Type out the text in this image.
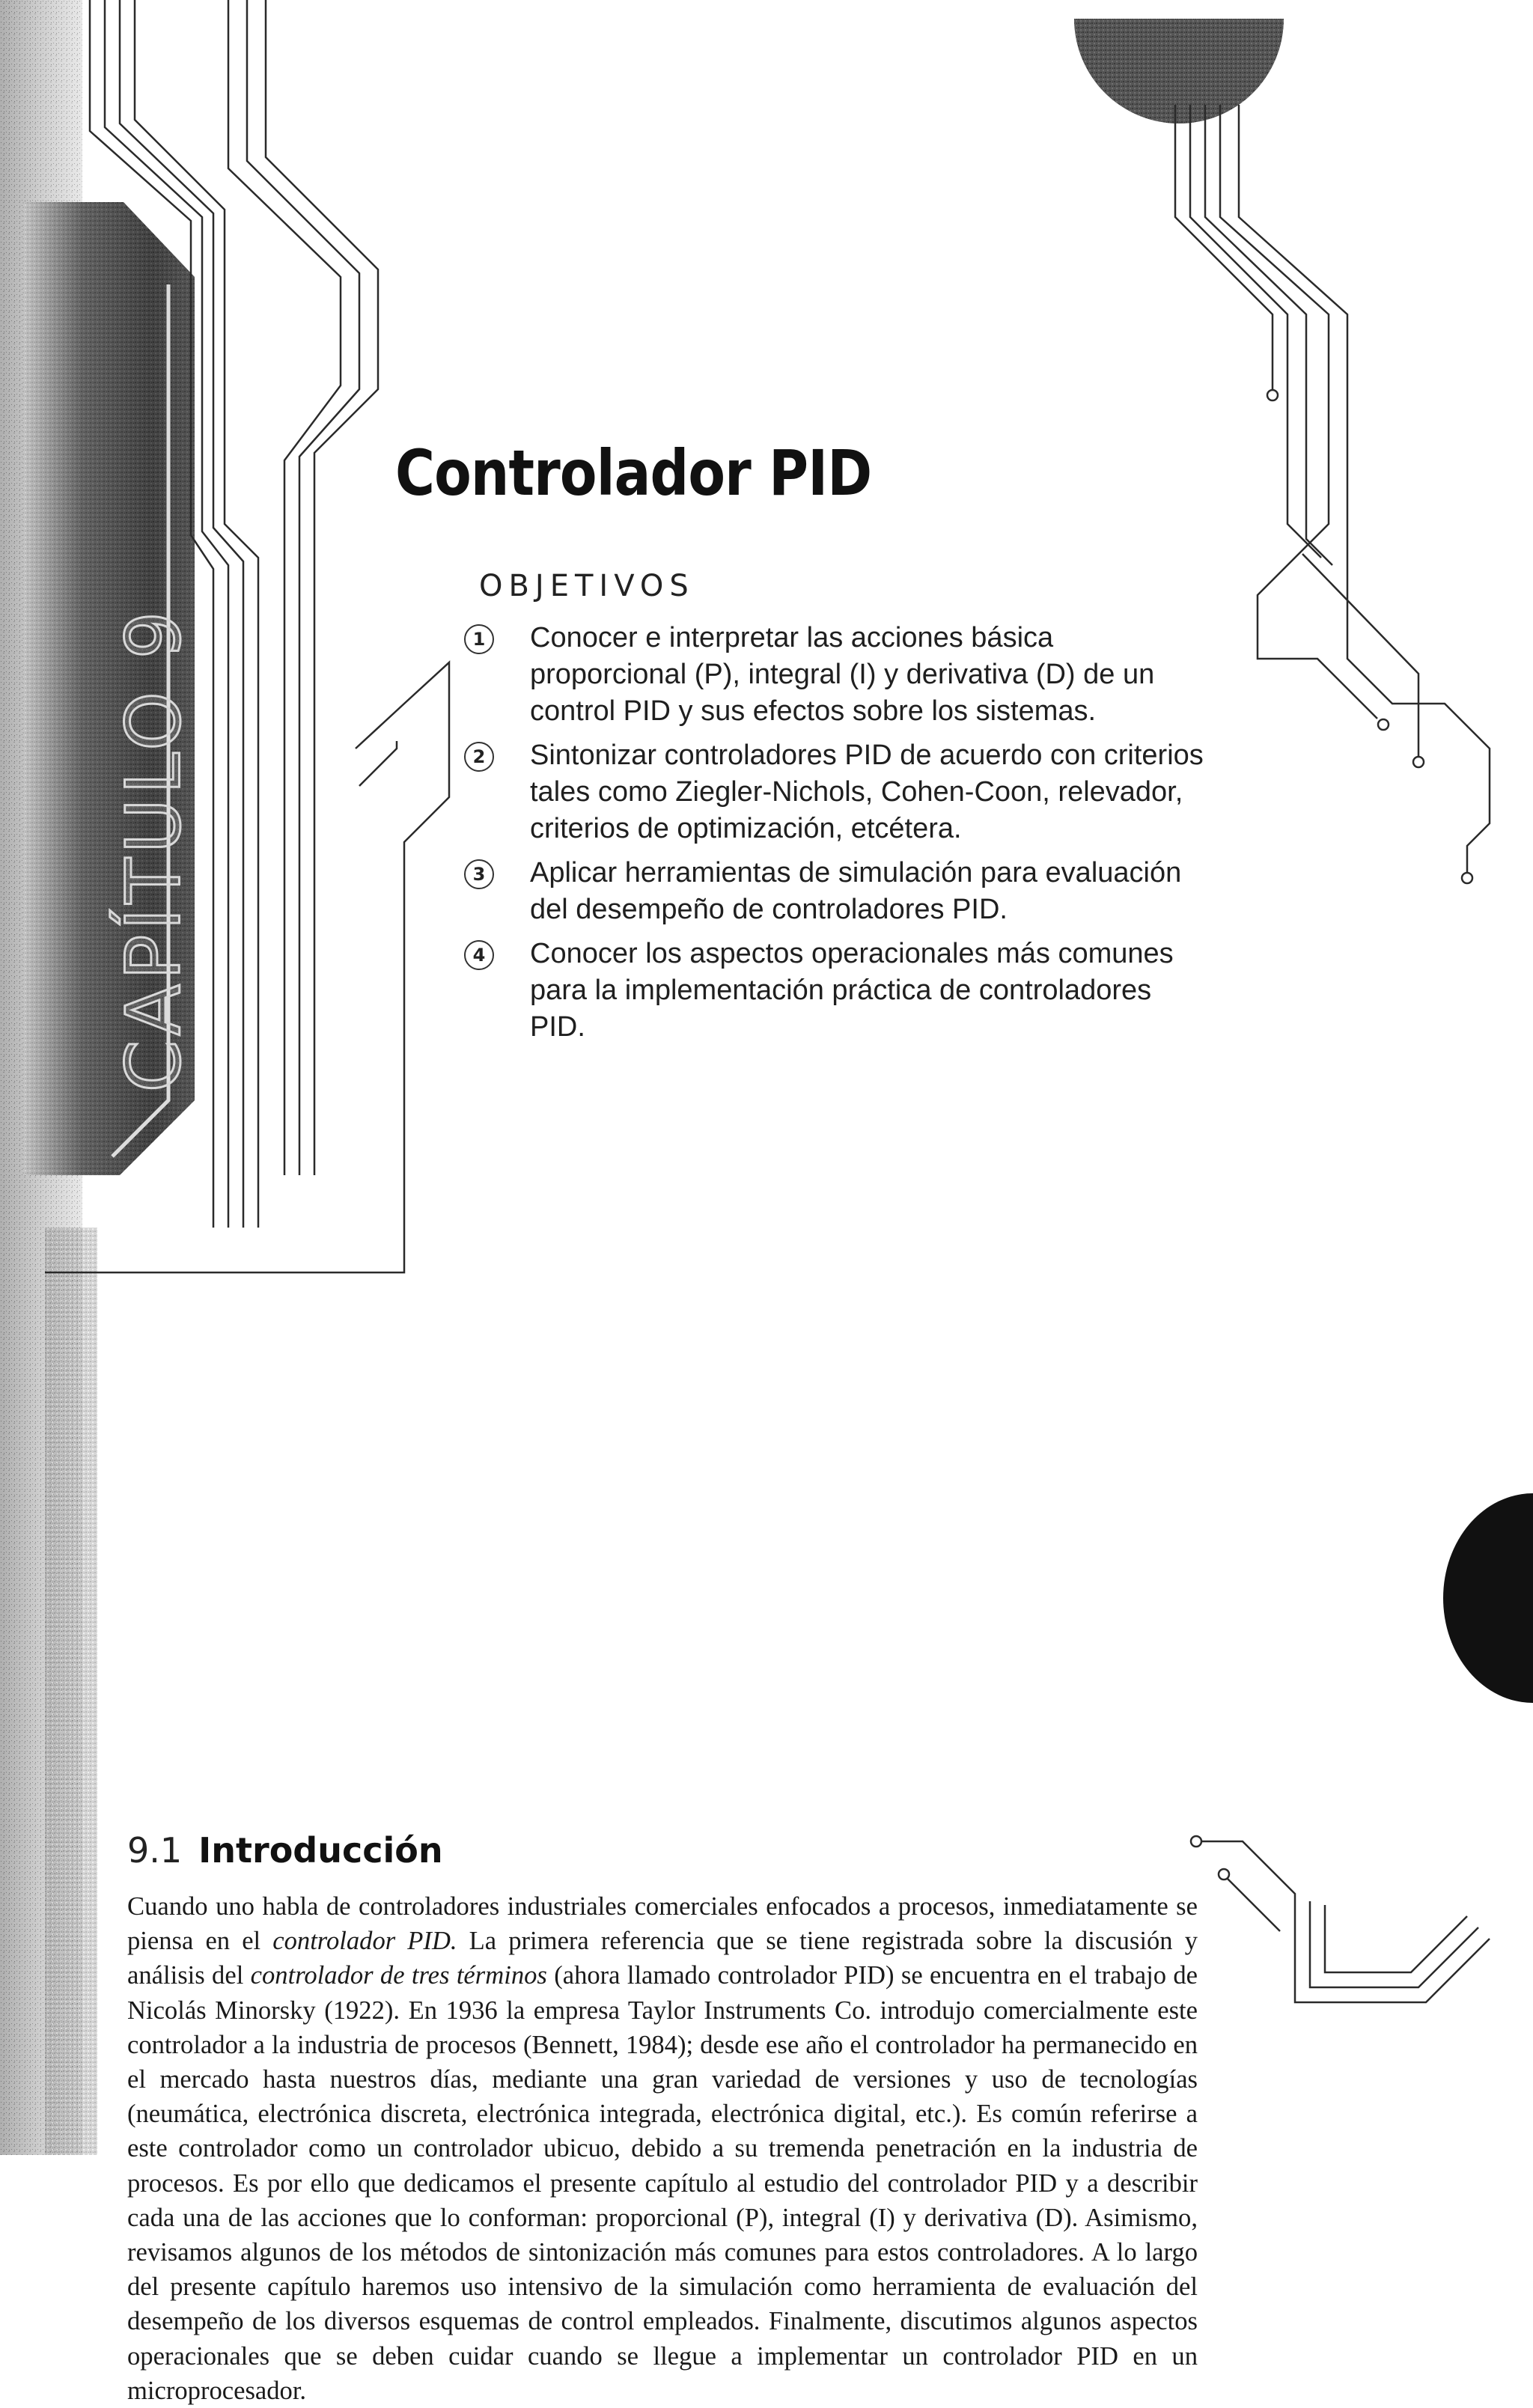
CAPÍTULO 9
Controlador PID
OBJETIVOS
1	Conocer e interpretar las acciones básica proporcional (P), integral (I) y derivativa (D) de un control PID y sus efectos sobre los sistemas.
2	Sintonizar controladores PID de acuerdo con criterios tales como Ziegler-Nichols, Cohen-Coon, relevador, criterios de optimización, etcétera.
3	Aplicar herramientas de simulación para evaluación del desempeño de controladores PID.
4	Conocer los aspectos operacionales más comunes para la implementación práctica de controladores PID.
9.1 Introducción

Cuando uno habla de controladores industriales comerciales enfocados a procesos, inmediatamente se piensa en el controlador PID. La primera referencia que se tiene registrada sobre la discusión y análisis del controlador de tres términos (ahora llamado controlador PID) se encuentra en el trabajo de Nicolás Minorsky (1922). En 1936 la empresa Taylor Instruments Co. introdujo comercialmente este controlador a la industria de procesos (Bennett, 1984); desde ese año el controlador ha permanecido en el mercado hasta nuestros días, mediante una gran variedad de versiones y uso de tecnologías (neumática, electrónica discreta, electrónica integrada, electrónica digital, etc.). Es común referirse a este controlador como un controlador ubicuo, debido a su tremenda penetración en la industria de procesos. Es por ello que dedicamos el presente capítulo al estudio del controlador PID y a describir cada una de las acciones que lo conforman: proporcional (P), integral (I) y derivativa (D). Asimismo, revisamos algunos de los métodos de sintonización más comunes para estos controladores. A lo largo del presente capítulo haremos uso intensivo de la simulación como herramienta de evaluación del desempeño de los diversos esquemas de control empleados. Finalmente, discutimos algunos aspectos operacionales que se deben cuidar cuando se llegue a implementar un controlador PID en un microprocesador.
